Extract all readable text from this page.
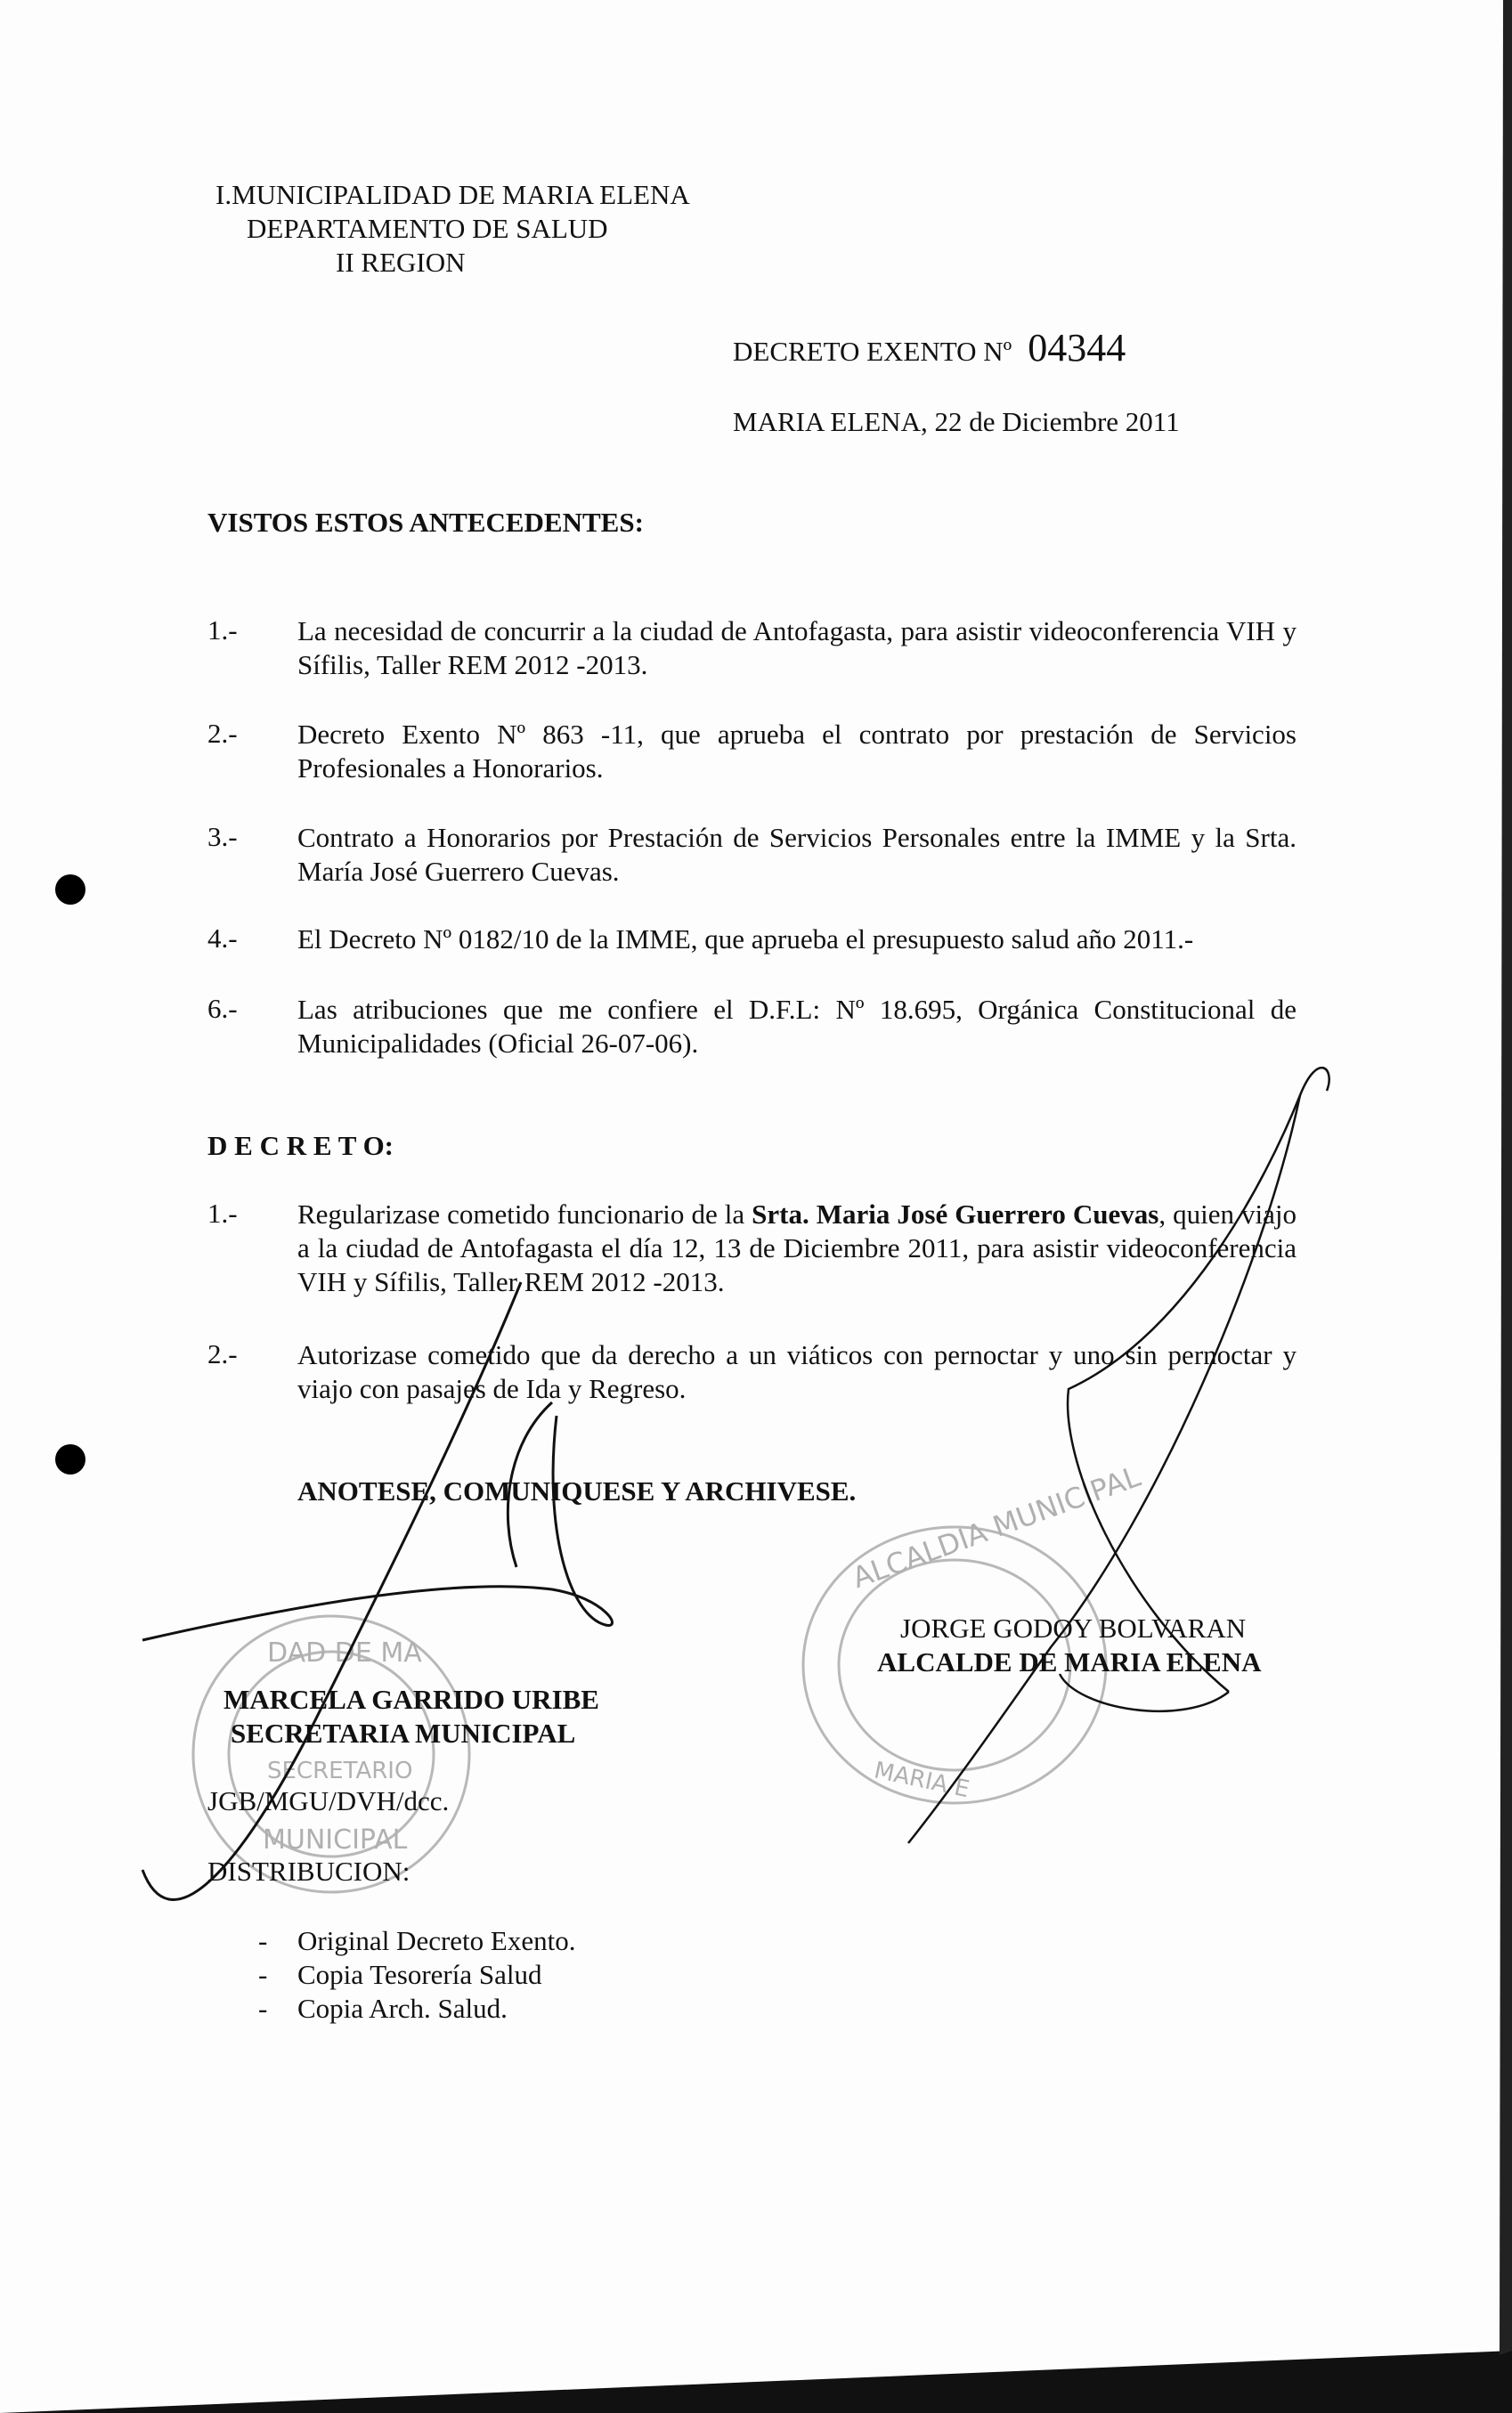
DAD DE MA
SECRETARIO
MUNICIPAL
ALCALDIA MUNICIPAL
MARIA E
I.MUNICIPALIDAD DE MARIA ELENA
DEPARTAMENTO DE SALUD
II REGION
DECRETO EXENTO Nº 04344
MARIA ELENA, 22 de Diciembre 2011
VISTOS ESTOS ANTECEDENTES:
1.- La necesidad de concurrir a la ciudad de Antofagasta, para asistir videoconferencia VIH y Sífilis, Taller REM 2012 -2013.
2.- Decreto Exento Nº 863 -11, que aprueba el contrato por prestación de Servicios Profesionales a Honorarios.
3.- Contrato a Honorarios por Prestación de Servicios Personales entre la IMME y la Srta. María José Guerrero Cuevas.
4.- El Decreto Nº 0182/10 de la IMME, que aprueba el presupuesto salud año 2011.-
6.- Las atribuciones que me confiere el D.F.L: Nº 18.695, Orgánica Constitucional de Municipalidades (Oficial 26-07-06).
D E C R E T O:
1.- Regularizase cometido funcionario de la Srta. Maria José Guerrero Cuevas, quien viajo a la ciudad de Antofagasta el día 12, 13 de Diciembre 2011, para asistir videoconferencia VIH y Sífilis, Taller REM 2012 -2013.
2.- Autorizase cometido que da derecho a un viáticos con pernoctar y uno sin pernoctar y viajo con pasajes de Ida y Regreso.
ANOTESE, COMUNIQUESE Y ARCHIVESE.
JORGE GODOY BOLVARAN
ALCALDE DE MARIA ELENA
MARCELA GARRIDO URIBE
SECRETARIA MUNICIPAL
JGB/MGU/DVH/dcc.
DISTRIBUCION:
- Original Decreto Exento.
- Copia Tesorería Salud
- Copia Arch. Salud.
